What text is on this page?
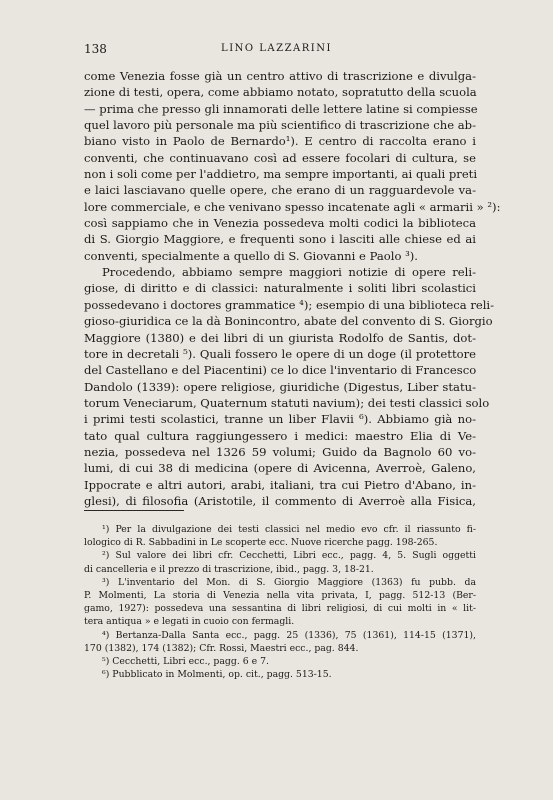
138	LINO LAZZARINI
come Venezia fosse già un centro attivo di trascrizione e divulga-
zione di testi, opera, come abbiamo notato, sopratutto della scuola
— prima che presso gli innamorati delle lettere latine si compiesse
quel lavoro più personale ma più scientifico di trascrizione che ab-
biano visto in Paolo de Bernardo¹). E centro di raccolta erano i
conventi, che continuavano così ad essere focolari di cultura, se
non i soli come per l'addietro, ma sempre importanti, ai quali preti
e laici lasciavano quelle opere, che erano di un ragguardevole va-
lore commerciale, e che venivano spesso incatenate agli « armarii » ²):
così sappiamo che in Venezia possedeva molti codici la biblioteca
di S. Giorgio Maggiore, e frequenti sono i lasciti alle chiese ed ai
conventi, specialmente a quello di S. Giovanni e Paolo ³).
Procedendo, abbiamo sempre maggiori notizie di opere reli-
giose, di diritto e di classici: naturalmente i soliti libri scolastici
possedevano i doctores grammatice ⁴); esempio di una biblioteca reli-
gioso-giuridica ce la dà Bonincontro, abate del convento di S. Giorgio
Maggiore (1380) e dei libri di un giurista Rodolfo de Santis, dot-
tore in decretali ⁵). Quali fossero le opere di un doge (il protettore
del Castellano e del Piacentini) ce lo dice l'inventario di Francesco
Dandolo (1339): opere religiose, giuridiche (Digestus, Liber statu-
torum Veneciarum, Quaternum statuti navium); dei testi classici solo
i primi testi scolastici, tranne un liber Flavii ⁶). Abbiamo già no-
tato qual cultura raggiungessero i medici: maestro Elia di Ve-
nezia, possedeva nel 1326 59 volumi; Guido da Bagnolo 60 vo-
lumi, di cui 38 di medicina (opere di Avicenna, Averroè, Galeno,
Ippocrate e altri autori, arabi, italiani, tra cui Pietro d'Abano, in-
glesi), di filosofia (Aristotile, il commento di Averroè alla Fisica,
¹) Per la divulgazione dei testi classici nel medio evo cfr. il riassunto fi-
lologico di R. Sabbadini in Le scoperte ecc. Nuove ricerche pagg. 198-265.
²) Sul valore dei libri cfr. Cecchetti, Libri ecc., pagg. 4, 5. Sugli oggetti
di cancelleria e il prezzo di trascrizione, ibid., pagg. 3, 18-21.
³) L'inventario del Mon. di S. Giorgio Maggiore (1363) fu pubb. da
P. Molmenti, La storia di Venezia nella vita privata, I, pagg. 512-13 (Ber-
gamo, 1927): possedeva una sessantina di libri religiosi, di cui molti in « lit-
tera antiqua » e legati in cuoio con fermagli.
⁴) Bertanza-Dalla Santa ecc., pagg. 25 (1336), 75 (1361), 114-15 (1371),
170 (1382), 174 (1382); Cfr. Rossi, Maestri ecc., pag. 844.
⁵) Cecchetti, Libri ecc., pagg. 6 e 7.
⁶) Pubblicato in Molmenti, op. cit., pagg. 513-15.
